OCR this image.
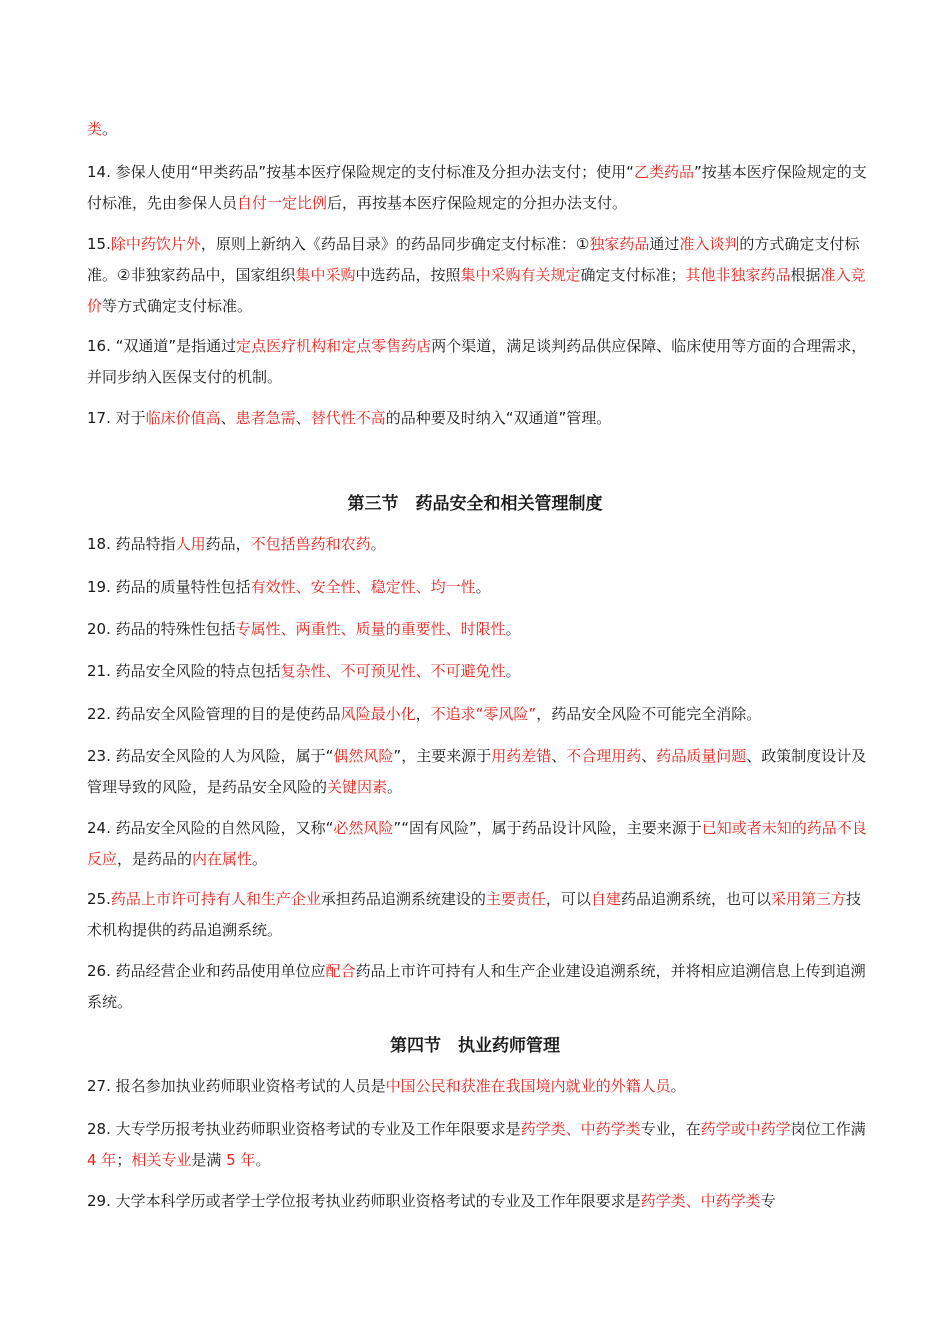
类。

14. 参保人使用“甲类药品”按基本医疗保险规定的支付标准及分担办法支付；使用“乙类药品”按基本医疗保险规定的支付标准，先由参保人员自付一定比例后，再按基本医疗保险规定的分担办法支付。

15.除中药饮片外，原则上新纳入《药品目录》的药品同步确定支付标准：①独家药品通过准入谈判的方式确定支付标准。②非独家药品中，国家组织集中采购中选药品，按照集中采购有关规定确定支付标准；其他非独家药品根据准入竞价等方式确定支付标准。

16. “双通道”是指通过定点医疗机构和定点零售药店两个渠道，满足谈判药品供应保障、临床使用等方面的合理需求，并同步纳入医保支付的机制。

17. 对于临床价值高、患者急需、替代性不高的品种要及时纳入“双通道”管理。

第三节　药品安全和相关管理制度

18. 药品特指人用药品，不包括兽药和农药。

19. 药品的质量特性包括有效性、安全性、稳定性、均一性。

20. 药品的特殊性包括专属性、两重性、质量的重要性、时限性。

21. 药品安全风险的特点包括复杂性、不可预见性、不可避免性。

22. 药品安全风险管理的目的是使药品风险最小化，不追求“零风险”，药品安全风险不可能完全消除。

23. 药品安全风险的人为风险，属于“偶然风险”，主要来源于用药差错、不合理用药、药品质量问题、政策制度设计及管理导致的风险，是药品安全风险的关键因素。

24. 药品安全风险的自然风险，又称“必然风险”“固有风险”，属于药品设计风险，主要来源于已知或者未知的药品不良反应，是药品的内在属性。

25.药品上市许可持有人和生产企业承担药品追溯系统建设的主要责任，可以自建药品追溯系统，也可以采用第三方技术机构提供的药品追溯系统。

26. 药品经营企业和药品使用单位应配合药品上市许可持有人和生产企业建设追溯系统，并将相应追溯信息上传到追溯系统。

第四节　执业药师管理

27. 报名参加执业药师职业资格考试的人员是中国公民和获准在我国境内就业的外籍人员。

28. 大专学历报考执业药师职业资格考试的专业及工作年限要求是药学类、中药学类专业，在药学或中药学岗位工作满 4 年；相关专业是满 5 年。

29. 大学本科学历或者学士学位报考执业药师职业资格考试的专业及工作年限要求是药学类、中药学类专
